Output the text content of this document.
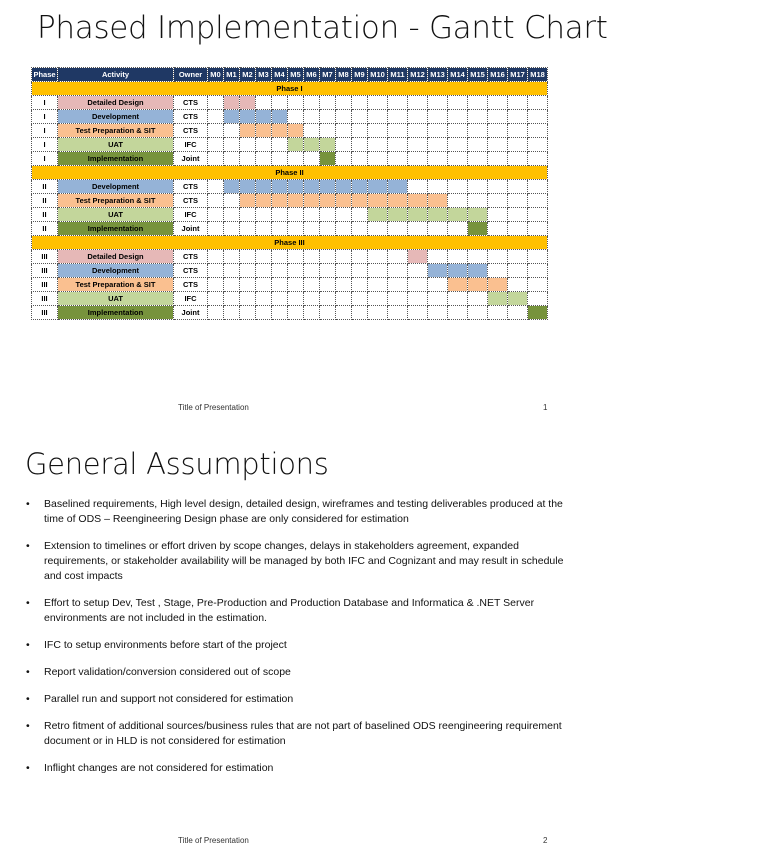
Phased Implementation - Gantt Chart
Phase	Activity	Owner	M0	M1	M2	M3	M4	M5	M6	M7	M8	M9	M10	M11	M12	M13	M14	M15	M16	M17	M18
Phase I																					
I	Detailed Design	CTS																			
I	Development	CTS																			
I	Test Preparation & SIT	CTS																			
I	UAT	IFC																			
I	Implementation	Joint																			
Phase II																					
II	Development	CTS																			
II	Test Preparation & SIT	CTS																			
II	UAT	IFC																			
II	Implementation	Joint																			
Phase III																					
III	Detailed Design	CTS																			
III	Development	CTS																			
III	Test Preparation & SIT	CTS																			
III	UAT	IFC																			
III	Implementation	Joint																			
Title of Presentation	1
General Assumptions
•	Baselined requirements, High level design, detailed design, wireframes and testing deliverables produced at the time of ODS – Reengineering Design phase are only considered for estimation
•	Extension to timelines or effort driven by scope changes, delays in stakeholders agreement, expanded requirements, or stakeholder availability will be managed by both IFC and Cognizant and may result in schedule and cost impacts
•	Effort to setup Dev, Test , Stage, Pre-Production and Production Database and Informatica & .NET Server environments are not included in the estimation.
•	IFC to setup environments before start of the project
•	Report validation/conversion considered out of scope
•	Parallel run and support not considered for estimation
•	Retro fitment of additional sources/business rules that are not part of baselined ODS reengineering requirement document or in HLD is not considered for estimation
•	Inflight changes are not considered for estimation
Title of Presentation	2
